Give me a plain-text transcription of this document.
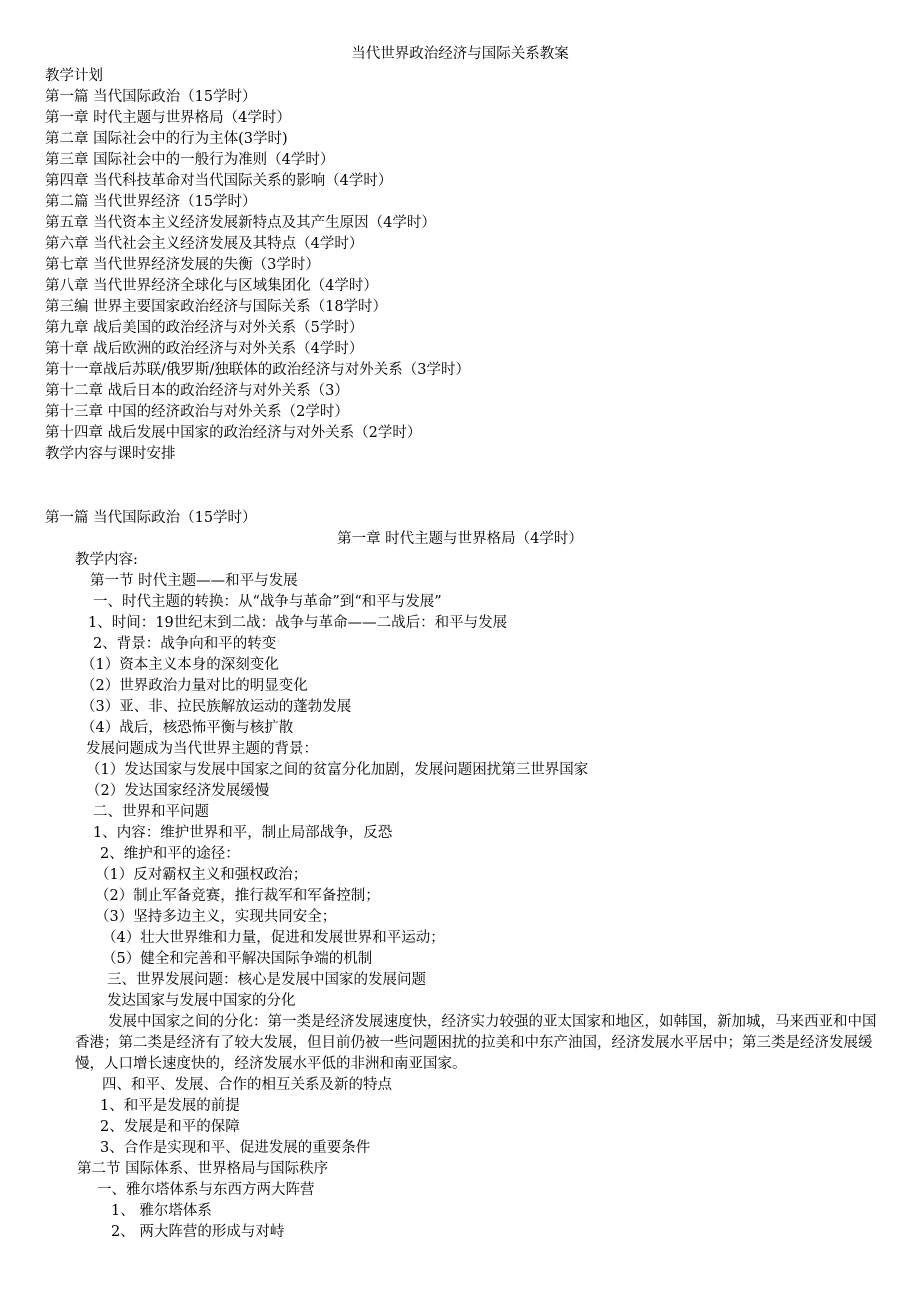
当代世界政治经济与国际关系教案
教学计划
第一篇 当代国际政治（15学时）
第一章 时代主题与世界格局（4学时）
第二章 国际社会中的行为主体(3学时)
第三章 国际社会中的一般行为准则（4学时）
第四章 当代科技革命对当代国际关系的影响（4学时）
第二篇 当代世界经济（15学时）
第五章 当代资本主义经济发展新特点及其产生原因（4学时）
第六章 当代社会主义经济发展及其特点（4学时）
第七章 当代世界经济发展的失衡（3学时）
第八章 当代世界经济全球化与区域集团化（4学时）
第三编 世界主要国家政治经济与国际关系（18学时）
第九章 战后美国的政治经济与对外关系（5学时）
第十章 战后欧洲的政治经济与对外关系（4学时）
第十一章战后苏联/俄罗斯/独联体的政治经济与对外关系（3学时）
第十二章 战后日本的政治经济与对外关系（3）
第十三章 中国的经济政治与对外关系（2学时）
第十四章 战后发展中国家的政治经济与对外关系（2学时）
教学内容与课时安排
第一篇 当代国际政治（15学时）
第一章 时代主题与世界格局（4学时）
教学内容:
第一节 时代主题——和平与发展
一、时代主题的转换：从“战争与革命”到“和平与发展”
1、时间：19世纪末到二战：战争与革命——二战后：和平与发展
2、背景：战争向和平的转变
（1）资本主义本身的深刻变化
（2）世界政治力量对比的明显变化
（3）亚、非、拉民族解放运动的蓬勃发展
（4）战后，核恐怖平衡与核扩散
发展问题成为当代世界主题的背景：
（1）发达国家与发展中国家之间的贫富分化加剧，发展问题困扰第三世界国家
（2）发达国家经济发展缓慢
二、世界和平问题
1、内容：维护世界和平，制止局部战争，反恐
2、维护和平的途径：
（1）反对霸权主义和强权政治；
（2）制止军备竞赛，推行裁军和军备控制；
（3）坚持多边主义，实现共同安全；
（4）壮大世界维和力量，促进和发展世界和平运动；
（5）健全和完善和平解决国际争端的机制
三、世界发展问题：核心是发展中国家的发展问题
发达国家与发展中国家的分化
发展中国家之间的分化：第一类是经济发展速度快，经济实力较强的亚太国家和地区，如韩国，新加城，马来西亚和中国香港；第二类是经济有了较大发展，但目前仍被一些问题困扰的拉美和中东产油国，经济发展水平居中；第三类是经济发展缓慢，人口增长速度快的，经济发展水平低的非洲和南亚国家。
四、和平、发展、合作的相互关系及新的特点
1、和平是发展的前提
2、发展是和平的保障
3、合作是实现和平、促进发展的重要条件
第二节 国际体系、世界格局与国际秩序
一、雅尔塔体系与东西方两大阵营
1、 雅尔塔体系
2、 两大阵营的形成与对峙
